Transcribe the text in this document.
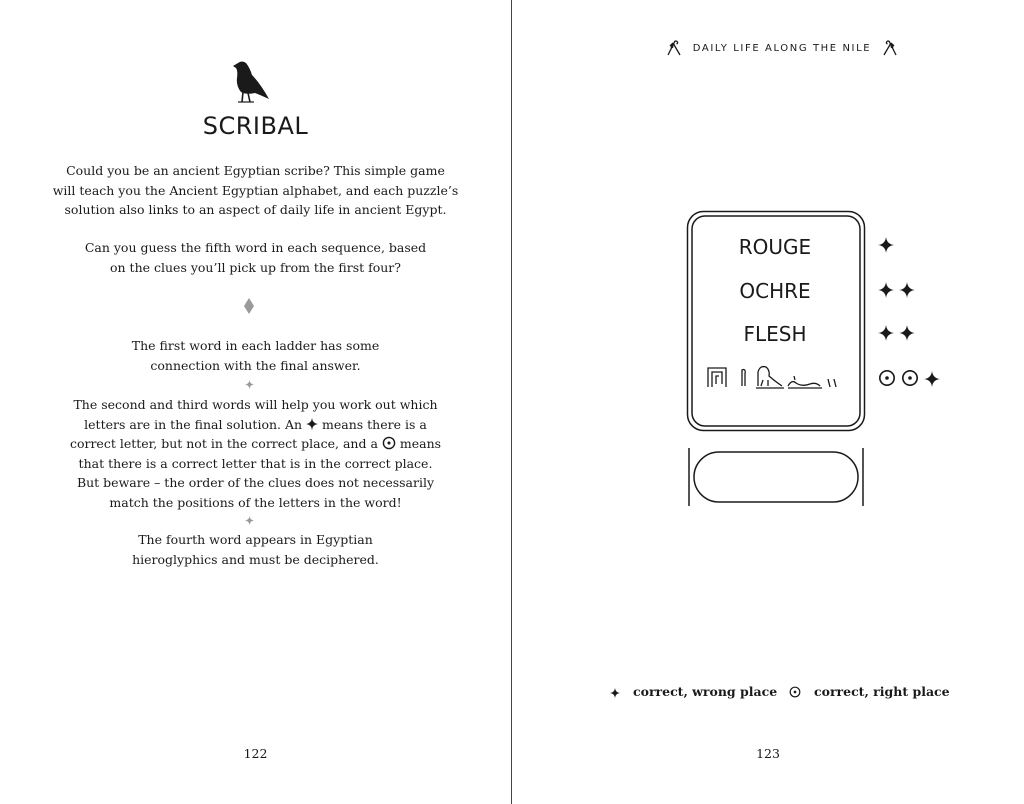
SCRIBAL
Could you be an ancient Egyptian scribe? This simple game
will teach you the Ancient Egyptian alphabet, and each puzzle’s
solution also links to an aspect of daily life in ancient Egypt.
Can you guess the fifth word in each sequence, based
on the clues you’ll pick up from the first four?
The first word in each ladder has some
connection with the final answer.
The second and third words will help you work out which
letters are in the final solution. An means there is a
correct letter, but not in the correct place, and a means
that there is a correct letter that is in the correct place.
But beware – the order of the clues does not necessarily
match the positions of the letters in the word!
The fourth word appears in Egyptian
hieroglyphics and must be deciphered.
122
DAILY LIFE ALONG THE NILE
ROUGE
OCHRE
FLESH

correct, wrong place	correct, right place
123
